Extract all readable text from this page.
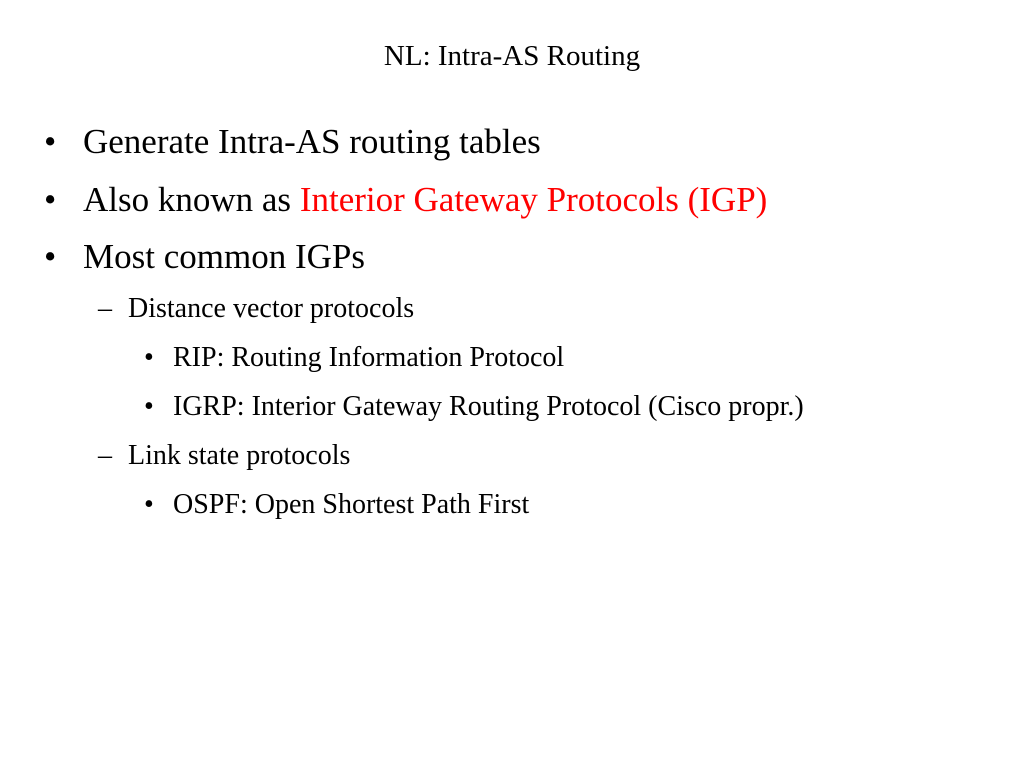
NL: Intra-AS Routing
• Generate Intra-AS routing tables
• Also known as Interior Gateway Protocols (IGP)
• Most common IGPs
– Distance vector protocols
• RIP: Routing Information Protocol
• IGRP: Interior Gateway Routing Protocol (Cisco propr.)
– Link state protocols
• OSPF: Open Shortest Path First
